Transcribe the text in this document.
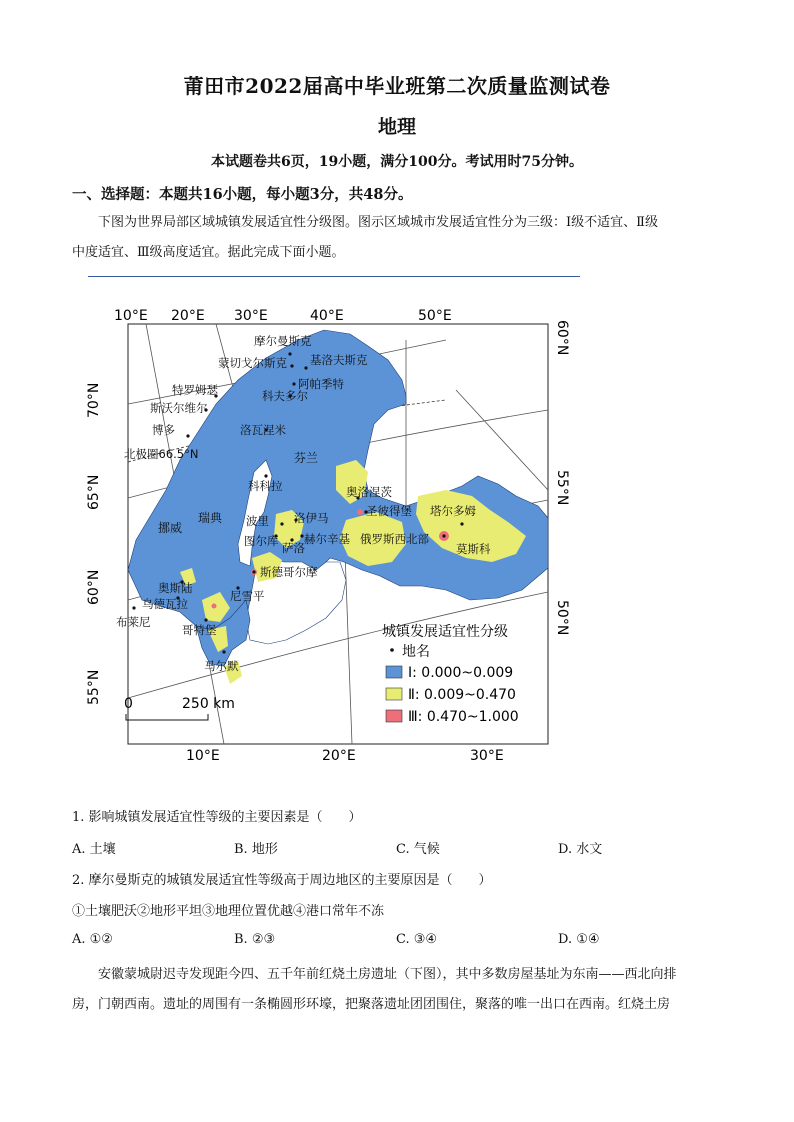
莆田市2022届高中毕业班第二次质量监测试卷
地理
本试题卷共6页，19小题，满分100分。考试用时75分钟。
一、选择题：本题共16小题，每小题3分，共48分。
下图为世界局部区域城镇发展适宜性分级图。图示区域城市发展适宜性分为三级：Ⅰ级不适宜、Ⅱ级
中度适宜、Ⅲ级高度适宜。据此完成下面小题。
10°E 20°E 30°E	40°E	50°E
10°E	20°E	30°E
70°N
65°N
60°N
55°N
60°N
55°N
50°N
摩尔曼斯克
蒙切戈尔斯克 基洛夫斯克
阿帕季特
科夫多尔
特罗姆瑟
斯沃尔维尔
博多	洛瓦涅米
北极圈66.5°N	芬兰
科科拉	奥洛涅茨
圣彼得堡 塔尔多姆
莫斯科
挪威
瑞典	洛伊马
波里
图尔库 萨洛
赫尔辛基 俄罗斯西北部
斯德哥尔摩
奥斯陆
乌德瓦拉
布莱尼
尼雪平
哥特堡
马尔默
城镇发展适宜性分级
地名
Ⅰ: 0.000~0.009
Ⅱ: 0.009~0.470
Ⅲ: 0.470~1.000
0	250 km
1. 影响城镇发展适宜性等级的主要因素是（　　）
A. 土壤	B. 地形	C. 气候	D. 水文
2. 摩尔曼斯克的城镇发展适宜性等级高于周边地区的主要原因是（　　）
①土壤肥沃②地形平坦③地理位置优越④港口常年不冻
A. ①②	B. ②③	C. ③④	D. ①④
安徽蒙城尉迟寺发现距今四、五千年前红烧土房遗址（下图），其中多数房屋基址为东南——西北向排
房，门朝西南。遗址的周围有一条椭圆形环壕，把聚落遗址团团围住，聚落的唯一出口在西南。红烧土房
